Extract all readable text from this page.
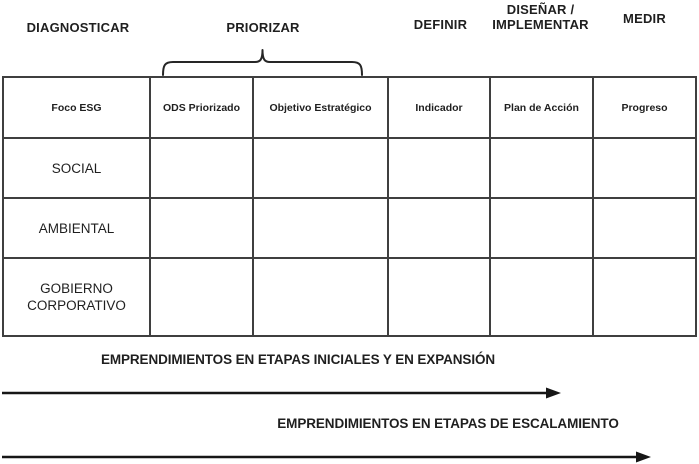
DIAGNOSTICAR	PRIORIZAR	DEFINIR
DISEÑAR / IMPLEMENTAR	MEDIR
Foco ESG	ODS Priorizado	Objetivo Estratégico	Indicador	Plan de Acción	Progreso
SOCIAL					
AMBIENTAL					
GOBIERNO CORPORATIVO					
EMPRENDIMIENTOS EN ETAPAS INICIALES Y EN EXPANSIÓN
EMPRENDIMIENTOS EN ETAPAS DE ESCALAMIENTO
